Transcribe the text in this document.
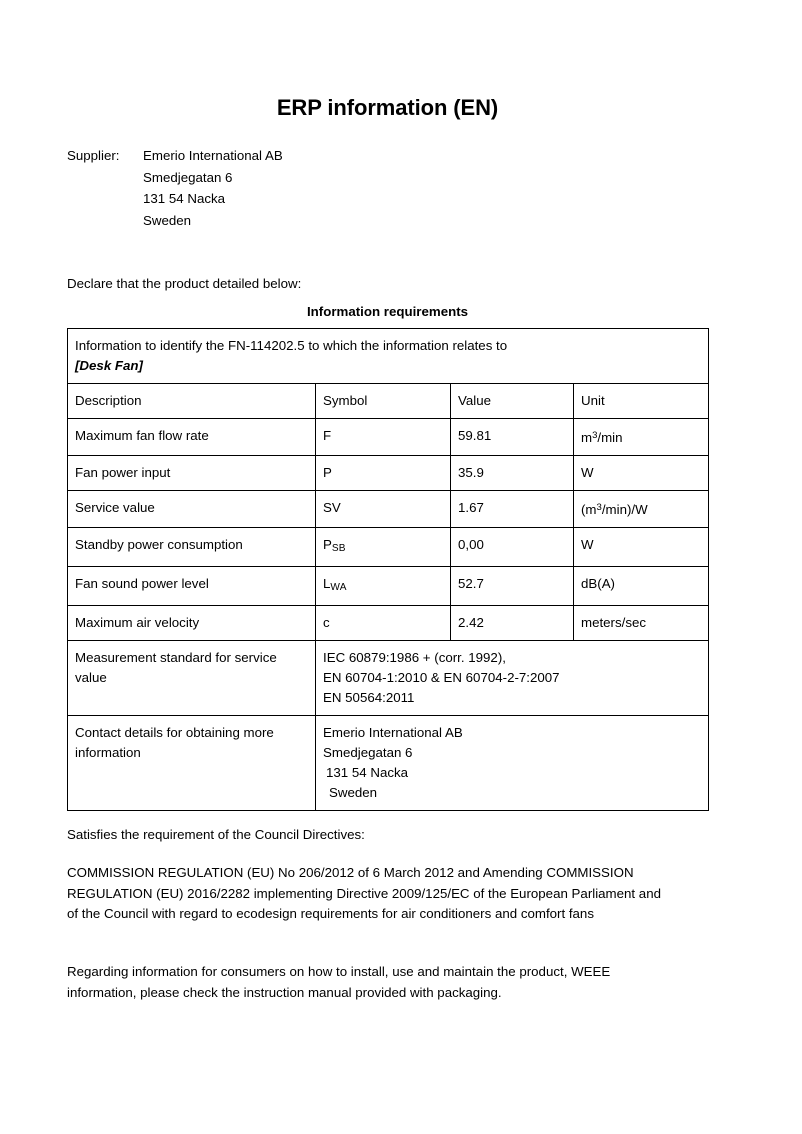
ERP information (EN)
Supplier:	Emerio International AB
Smedjegatan 6
131 54 Nacka
Sweden
Declare that the product detailed below:
Information requirements
Information to identify the FN-114202.5 to which the information relates to
[Desk Fan]			

Description	Symbol	Value	Unit
Maximum fan flow rate	F	59.81	$m^3/\min$
Fan power input	P	35.9	W
Service value	SV	1.67	$(m^3/\min)/W$
Standby power consumption	$P_{SB}$	0,00	W
Fan sound power level	$L_{WA}$	52.7	dB(A)
Maximum air velocity	c	2.42	meters/sec
Measurement standard for service value	IEC 60879:1986 + (corr. 1992),
EN 60704-1:2010 & EN 60704-2-7:2007
EN 50564:2011		

Contact details for obtaining more information	Emerio International AB
Smedjegatan 6
131 54 Nacka
Sweden		
Satisfies the requirement of the Council Directives:
COMMISSION REGULATION (EU) No 206/2012 of 6 March 2012 and Amending COMMISSION
REGULATION (EU) 2016/2282 implementing Directive 2009/125/EC of the European Parliament and
of the Council with regard to ecodesign requirements for air conditioners and comfort fans
Regarding information for consumers on how to install, use and maintain the product, WEEE
information, please check the instruction manual provided with packaging.
